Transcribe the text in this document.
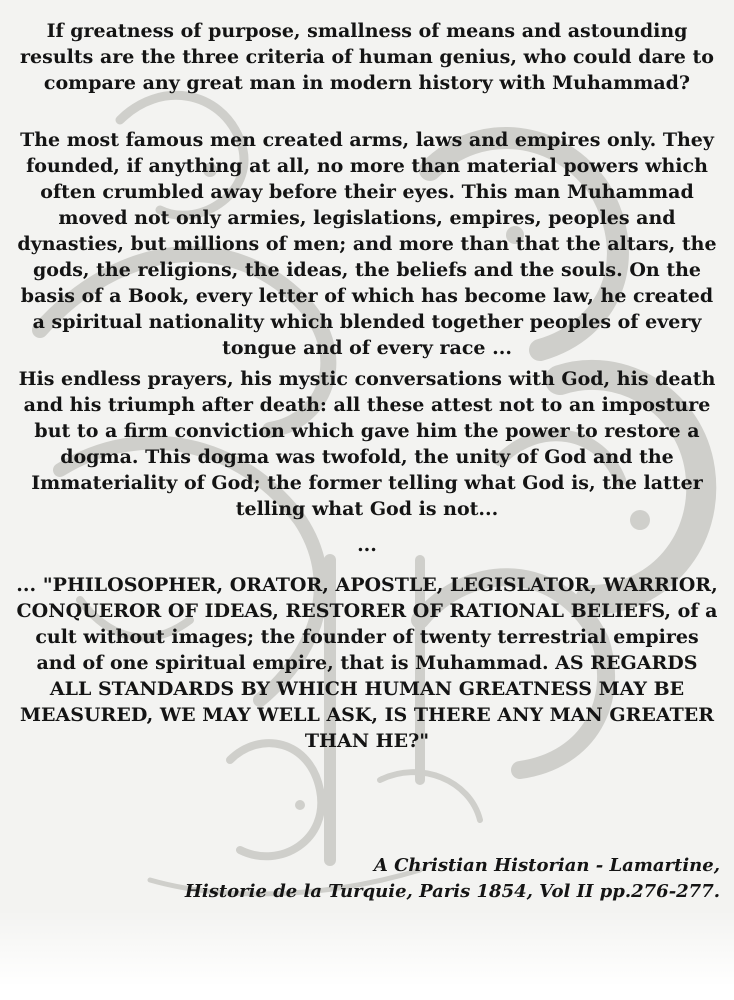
If greatness of purpose, smallness of means and astounding results are the three criteria of human genius, who could dare to compare any great man in modern history with Muhammad?
The most famous men created arms, laws and empires only. They founded, if anything at all, no more than material powers which often crumbled away before their eyes. This man Muhammad moved not only armies, legislations, empires, peoples and dynasties, but millions of men; and more than that the altars, the gods, the religions, the ideas, the beliefs and the souls. On the basis of a Book, every letter of which has become law, he created a spiritual nationality which blended together peoples of every tongue and of every race ...
His endless prayers, his mystic conversations with God, his death and his triumph after death: all these attest not to an imposture but to a firm conviction which gave him the power to restore a dogma. This dogma was twofold, the unity of God and the Immateriality of God; the former telling what God is, the latter telling what God is not...
...
... "PHILOSOPHER, ORATOR, APOSTLE, LEGISLATOR, WARRIOR, CONQUEROR OF IDEAS, RESTORER OF RATIONAL BELIEFS, of a cult without images; the founder of twenty terrestrial empires and of one spiritual empire, that is Muhammad. AS REGARDS ALL STANDARDS BY WHICH HUMAN GREATNESS MAY BE MEASURED, WE MAY WELL ASK, IS THERE ANY MAN GREATER THAN HE?"
A Christian Historian - Lamartine,
Historie de la Turquie, Paris 1854, Vol II pp.276-277.
